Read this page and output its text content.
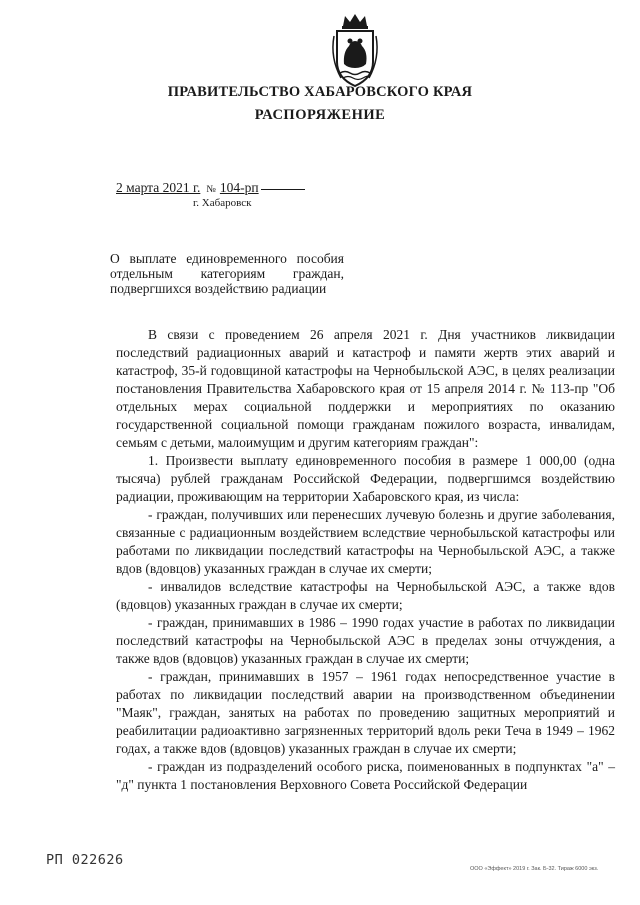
ПРАВИТЕЛЬСТВО ХАБАРОВСКОГО КРАЯ
РАСПОРЯЖЕНИЕ
2 марта 2021 г. № 104-рп
г. Хабаровск
О выплате единовременного пособия
отдельным категориям граждан,
подвергшихся воздействию радиации

В связи с проведением 26 апреля 2021 г. Дня участников ликвидации последствий радиационных аварий и катастроф и памяти жертв этих аварий и катастроф, 35-й годовщиной катастрофы на Чернобыльской АЭС, в целях реализации постановления Правительства Хабаровского края от 15 апреля 2014 г. № 113-пр "Об отдельных мерах социальной поддержки и мероприятиях по оказанию государственной социальной помощи гражданам пожилого возраста, инвалидам, семьям с детьми, малоимущим и другим категориям граждан":

1. Произвести выплату единовременного пособия в размере 1 000,00 (одна тысяча) рублей гражданам Российской Федерации, подвергшимся воздействию радиации, проживающим на территории Хабаровского края, из числа:

- граждан, получивших или перенесших лучевую болезнь и другие заболевания, связанные с радиационным воздействием вследствие чернобыльской катастрофы или работами по ликвидации последствий катастрофы на Чернобыльской АЭС, а также вдов (вдовцов) указанных граждан в случае их смерти;

- инвалидов вследствие катастрофы на Чернобыльской АЭС, а также вдов (вдовцов) указанных граждан в случае их смерти;

- граждан, принимавших в 1986 – 1990 годах участие в работах по ликвидации последствий катастрофы на Чернобыльской АЭС в пределах зоны отчуждения, а также вдов (вдовцов) указанных граждан в случае их смерти;

- граждан, принимавших в 1957 – 1961 годах непосредственное участие в работах по ликвидации последствий аварии на производственном объединении "Маяк", граждан, занятых на работах по проведению защитных мероприятий и реабилитации радиоактивно загрязненных территорий вдоль реки Теча в 1949 – 1962 годах, а также вдов (вдовцов) указанных граждан в случае их смерти;

- граждан из подразделений особого риска, поименованных в подпунктах "а" – "д" пункта 1 постановления Верховного Совета Российской Федерации

РП 022626
ООО «Эффект» 2019 г. Зак. Б-32. Тираж 6000 экз.
